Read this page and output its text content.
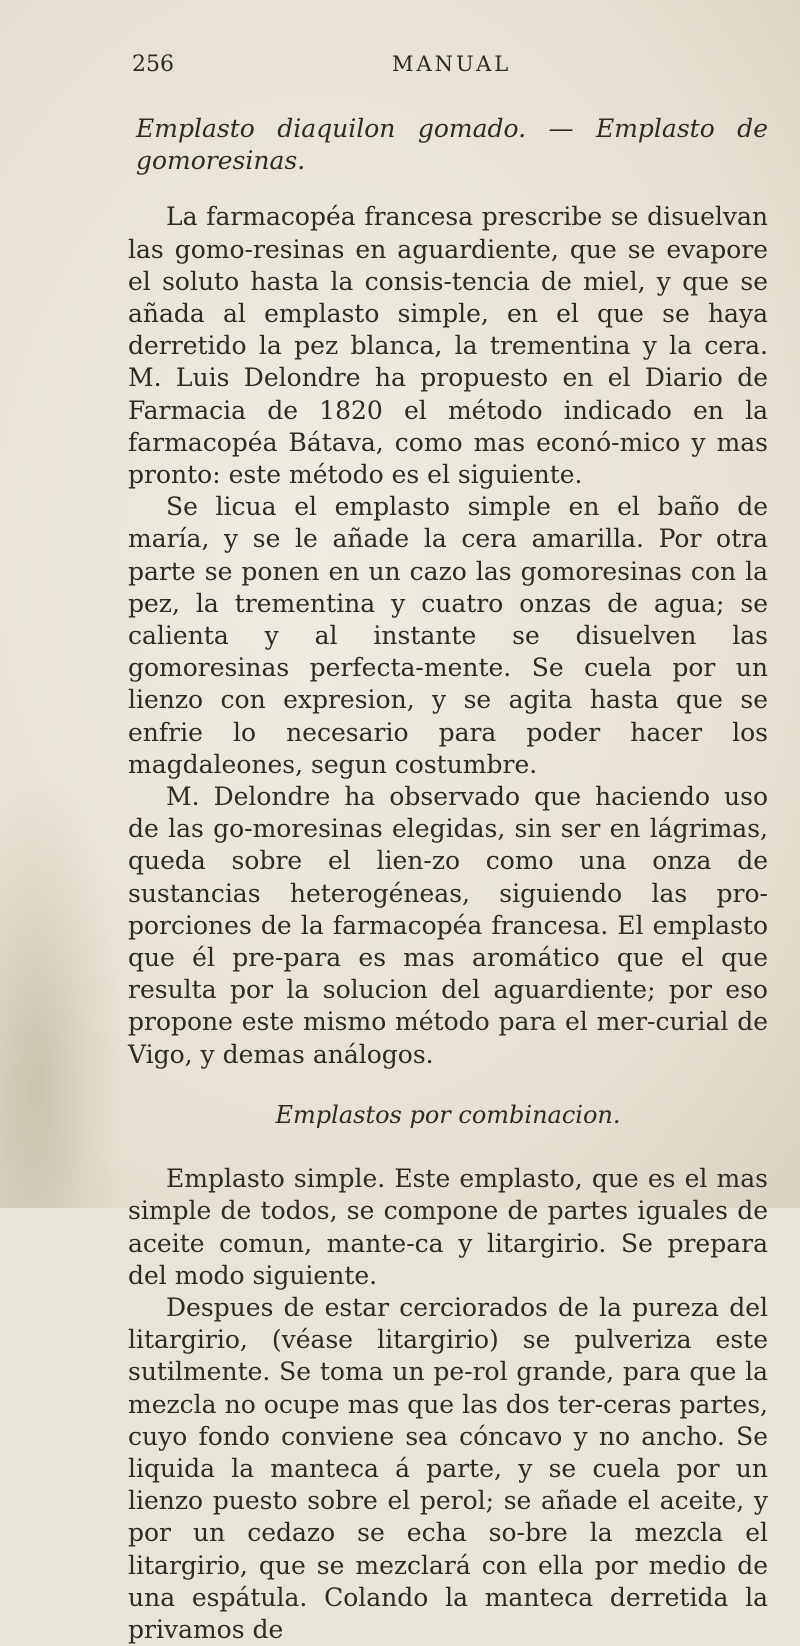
256	MANUAL

Emplasto diaquilon gomado. — Emplasto de gomoresinas.

La farmacopéa francesa prescribe se disuelvan las gomo-resinas en aguardiente, que se evapore el soluto hasta la consis-tencia de miel, y que se añada al emplasto simple, en el que se haya derretido la pez blanca, la trementina y la cera. M. Luis Delondre ha propuesto en el Diario de Farmacia de 1820 el método indicado en la farmacopéa Bátava, como mas econó-mico y mas pronto: este método es el siguiente.

Se licua el emplasto simple en el baño de maría, y se le añade la cera amarilla. Por otra parte se ponen en un cazo las gomoresinas con la pez, la trementina y cuatro onzas de agua; se calienta y al instante se disuelven las gomoresinas perfecta-mente. Se cuela por un lienzo con expresion, y se agita hasta que se enfrie lo necesario para poder hacer los magdaleones, segun costumbre.

M. Delondre ha observado que haciendo uso de las go-moresinas elegidas, sin ser en lágrimas, queda sobre el lien-zo como una onza de sustancias heterogéneas, siguiendo las pro-porciones de la farmacopéa francesa. El emplasto que él pre-para es mas aromático que el que resulta por la solucion del aguardiente; por eso propone este mismo método para el mer-curial de Vigo, y demas análogos.

Emplastos por combinacion.

Emplasto simple. Este emplasto, que es el mas simple de todos, se compone de partes iguales de aceite comun, mante-ca y litargirio. Se prepara del modo siguiente.

Despues de estar cerciorados de la pureza del litargirio, (véase litargirio) se pulveriza este sutilmente. Se toma un pe-rol grande, para que la mezcla no ocupe mas que las dos ter-ceras partes, cuyo fondo conviene sea cóncavo y no ancho. Se liquida la manteca á parte, y se cuela por un lienzo puesto sobre el perol; se añade el aceite, y por un cedazo se echa so-bre la mezcla el litargirio, que se mezclará con ella por medio de una espátula. Colando la manteca derretida la privamos de
